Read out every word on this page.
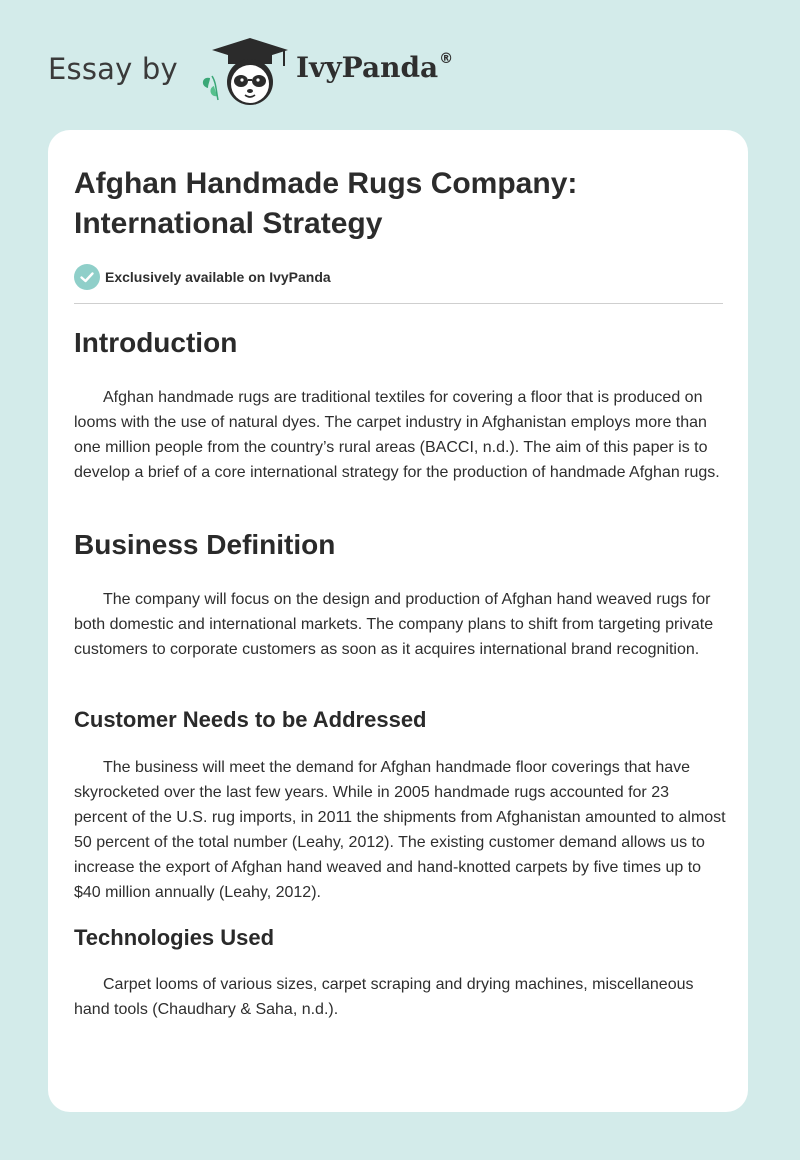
Essay by	IvyPanda®
Afghan Handmade Rugs Company: International Strategy
Exclusively available on IvyPanda
Introduction

Afghan handmade rugs are traditional textiles for covering a floor that is produced on looms with the use of natural dyes. The carpet industry in Afghanistan employs more than one million people from the country’s rural areas (BACCI, n.d.). The aim of this paper is to develop a brief of a core international strategy for the production of handmade Afghan rugs.

Business Definition

The company will focus on the design and production of Afghan hand weaved rugs for both domestic and international markets. The company plans to shift from targeting private customers to corporate customers as soon as it acquires international brand recognition.

Customer Needs to be Addressed

The business will meet the demand for Afghan handmade floor coverings that have skyrocketed over the last few years. While in 2005 handmade rugs accounted for 23 percent of the U.S. rug imports, in 2011 the shipments from Afghanistan amounted to almost 50 percent of the total number (Leahy, 2012). The existing customer demand allows us to increase the export of Afghan hand weaved and hand-knotted carpets by five times up to $40 million annually (Leahy, 2012).

Technologies Used

Carpet looms of various sizes, carpet scraping and drying machines, miscellaneous hand tools (Chaudhary & Saha, n.d.).
